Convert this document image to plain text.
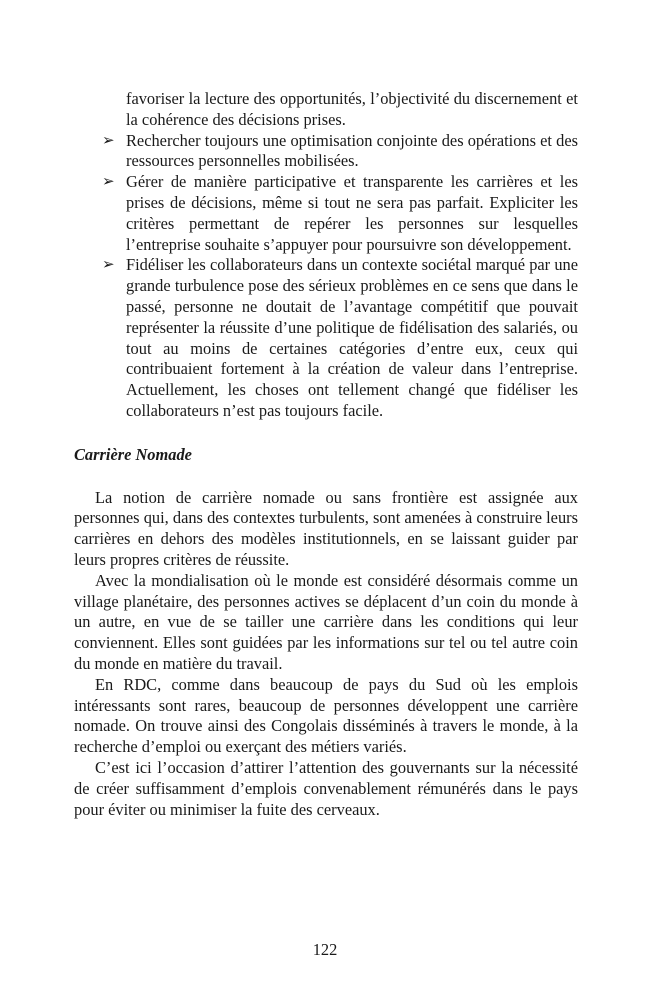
favoriser la lecture des opportunités, l’objectivité du discernement et la cohérence des décisions prises.
➢ Rechercher toujours une optimisation conjointe des opérations et des ressources personnelles mobilisées.
➢ Gérer de manière participative et transparente les carrières et les prises de décisions, même si tout ne sera pas parfait. Expliciter les critères permettant de repérer les personnes sur lesquelles l’entreprise souhaite s’appuyer pour poursuivre son développement.
➢ Fidéliser les collaborateurs dans un contexte sociétal marqué par une grande turbulence pose des sérieux problèmes en ce sens que dans le passé, personne ne doutait de l’avantage compétitif que pouvait représenter la réussite d’une politique de fidélisation des salariés, ou tout au moins de certaines catégories d’entre eux, ceux qui contribuaient fortement à la création de valeur dans l’entreprise. Actuellement, les choses ont tellement changé que fidéliser les collaborateurs n’est pas toujours facile.
Carrière Nomade

La notion de carrière nomade ou sans frontière est assignée aux personnes qui, dans des contextes turbulents, sont amenées à construire leurs carrières en dehors des modèles institutionnels, en se laissant guider par leurs propres critères de réussite.

Avec la mondialisation où le monde est considéré désormais comme un village planétaire, des personnes actives se déplacent d’un coin du monde à un autre, en vue de se tailler une carrière dans les conditions qui leur conviennent. Elles sont guidées par les informations sur tel ou tel autre coin du monde en matière du travail.

En RDC, comme dans beaucoup de pays du Sud où les emplois intéressants sont rares, beaucoup de personnes développent une carrière nomade. On trouve ainsi des Congolais disséminés à travers le monde, à la recherche d’emploi ou exerçant des métiers variés.

C’est ici l’occasion d’attirer l’attention des gouvernants sur la nécessité de créer suffisamment d’emplois convenablement rémunérés dans le pays pour éviter ou minimiser la fuite des cerveaux.

122
